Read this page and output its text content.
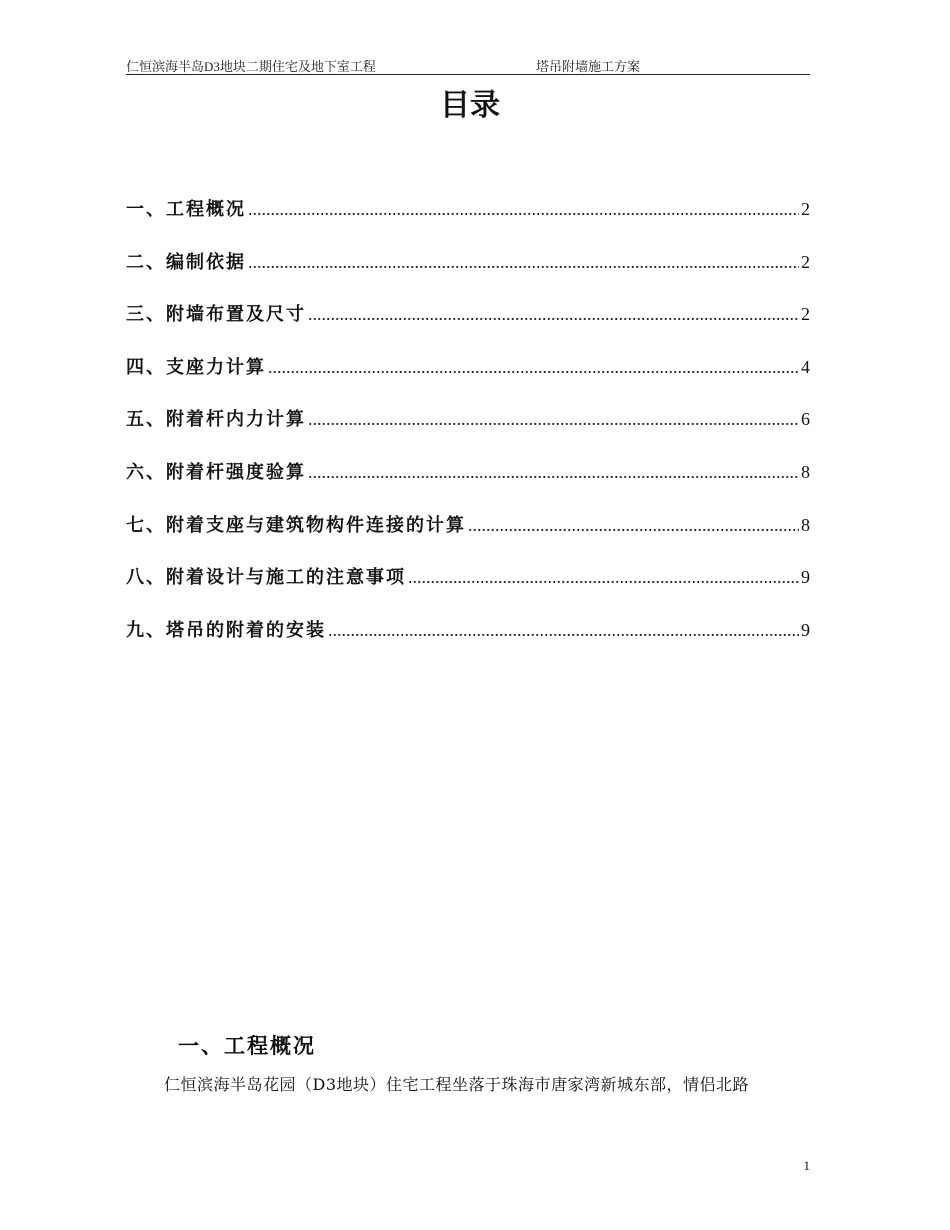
仁恒滨海半岛D3地块二期住宅及地下室工程	塔吊附墙施工方案
目录
一、工程概况 .....	2
二、编制依据 .....	2
三、附墙布置及尺寸 .....	2
四、支座力计算 .....	4
五、附着杆内力计算 .....	6
六、附着杆强度验算 .....	8
七、附着支座与建筑物构件连接的计算 .....	8
八、附着设计与施工的注意事项 .....	9
九、塔吊的附着的安装 .....	9
一、工程概况
仁恒滨海半岛花园（D3地块）住宅工程坐落于珠海市唐家湾新城东部，情侣北路
1
